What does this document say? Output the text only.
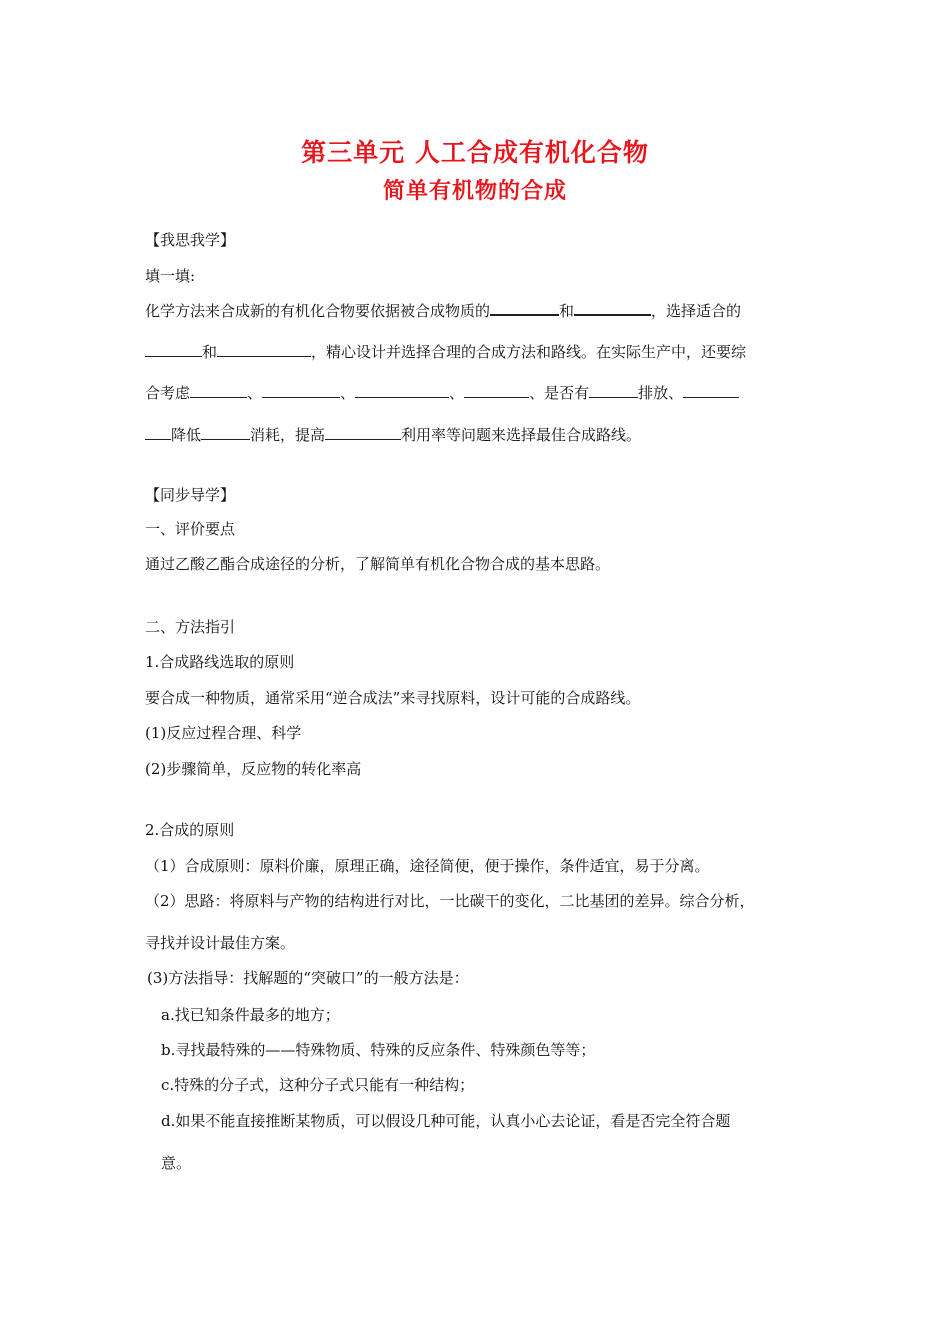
第三单元 人工合成有机化合物
简单有机物的合成
【我思我学】
填一填:
化学方法来合成新的有机化合物要依据被合成物质的	和	，选择适合的
和	，精心设计并选择合理的合成方法和路线。在实际生产中，还要综
合考虑	、	、	、	、是否有	排放、
降低	消耗，提高	利用率等问题来选择最佳合成路线。
【同步导学】
一、评价要点
通过乙酸乙酯合成途径的分析，了解简单有机化合物合成的基本思路。
二、方法指引
1.合成路线选取的原则
要合成一种物质，通常采用“逆合成法”来寻找原料，设计可能的合成路线。
(1)反应过程合理、科学
(2)步骤简单，反应物的转化率高
2.合成的原则
（1）合成原则：原料价廉，原理正确，途径简便，便于操作，条件适宜，易于分离。
（2）思路：将原料与产物的结构进行对比，一比碳干的变化，二比基团的差异。综合分析，
寻找并设计最佳方案。
(3)方法指导：找解题的“突破口”的一般方法是：
a.找已知条件最多的地方；
b.寻找最特殊的——特殊物质、特殊的反应条件、特殊颜色等等；
c.特殊的分子式，这种分子式只能有一种结构；
d.如果不能直接推断某物质，可以假设几种可能，认真小心去论证，看是否完全符合题
意。
